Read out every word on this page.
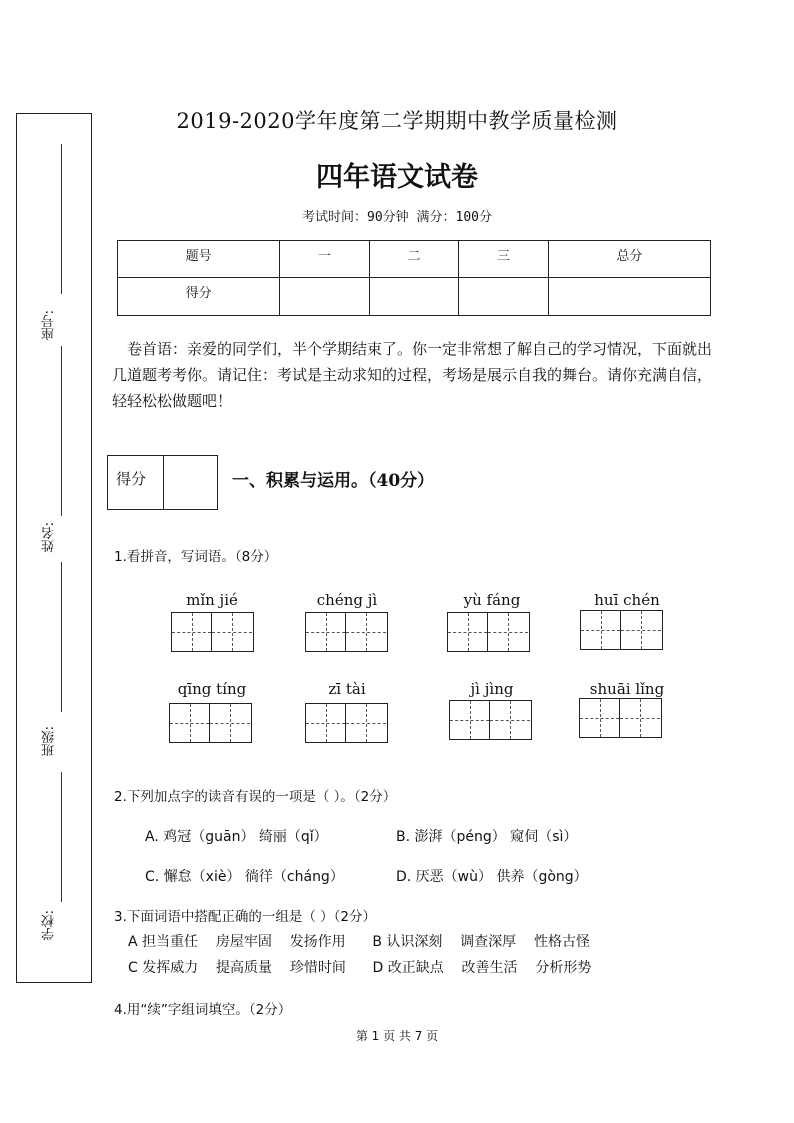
座号:
姓名:
班级:
学校:
2019-2020学年度第二学期期中教学质量检测
四年语文试卷
考试时间：90分钟 满分：100分
题号	一	二	三	总分
得分				
卷首语：亲爱的同学们，半个学期结束了。你一定非常想了解自己的学习情况，下面就出几道题考考你。请记住：考试是主动求知的过程，考场是展示自我的舞台。请你充满自信，轻轻松松做题吧！
得分	一、积累与运用。（40分）
1.看拼音，写词语。（8分）
mǐn jié	chéng jì	yù fáng	huī chén
qīng tíng	zī tài	jì jìng	shuāi lǐng
2.下列加点字的读音有误的一项是（ ）。（2分）
A. 鸡冠（guān） 绮丽（qǐ）	B. 澎湃（péng） 窥伺（sì）
C. 懈怠（xiè） 徜徉（cháng）	D. 厌恶（wù） 供养（gòng）
3.下面词语中搭配正确的一组是（ ）（2分）
A 担当重任    房屋牢固    发扬作用      B 认识深刻    调查深厚    性格古怪
C 发挥威力    提高质量    珍惜时间      D 改正缺点    改善生活    分析形势
4.用“续”字组词填空。（2分）
第 1 页 共 7 页
